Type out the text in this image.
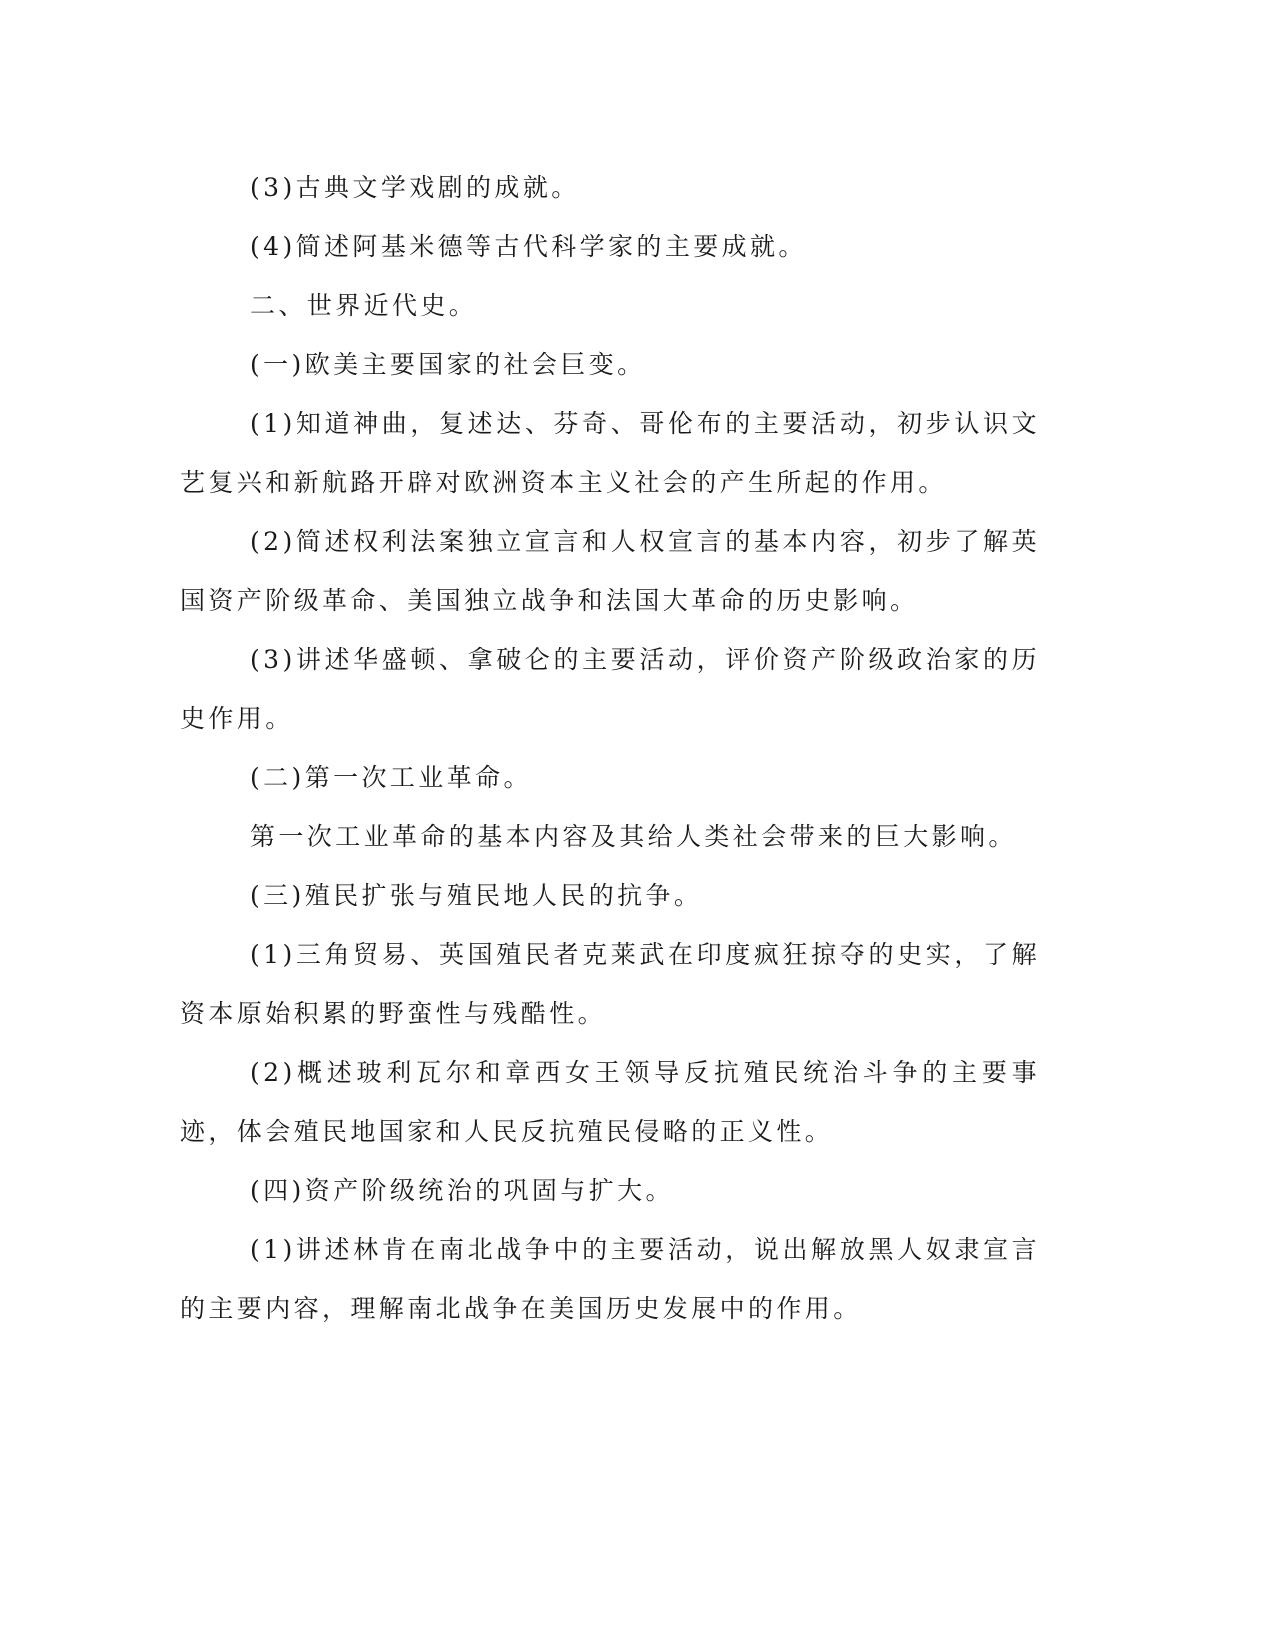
(3)古典文学戏剧的成就。

(4)简述阿基米德等古代科学家的主要成就。

二、世界近代史。

(一)欧美主要国家的社会巨变。

(1)知道神曲，复述达、芬奇、哥伦布的主要活动，初步认识文艺复兴和新航路开辟对欧洲资本主义社会的产生所起的作用。

(2)简述权利法案独立宣言和人权宣言的基本内容，初步了解英国资产阶级革命、美国独立战争和法国大革命的历史影响。

(3)讲述华盛顿、拿破仑的主要活动，评价资产阶级政治家的历史作用。

(二)第一次工业革命。

第一次工业革命的基本内容及其给人类社会带来的巨大影响。

(三)殖民扩张与殖民地人民的抗争。

(1)三角贸易、英国殖民者克莱武在印度疯狂掠夺的史实，了解资本原始积累的野蛮性与残酷性。

(2)概述玻利瓦尔和章西女王领导反抗殖民统治斗争的主要事迹，体会殖民地国家和人民反抗殖民侵略的正义性。

(四)资产阶级统治的巩固与扩大。

(1)讲述林肯在南北战争中的主要活动，说出解放黑人奴隶宣言的主要内容，理解南北战争在美国历史发展中的作用。
